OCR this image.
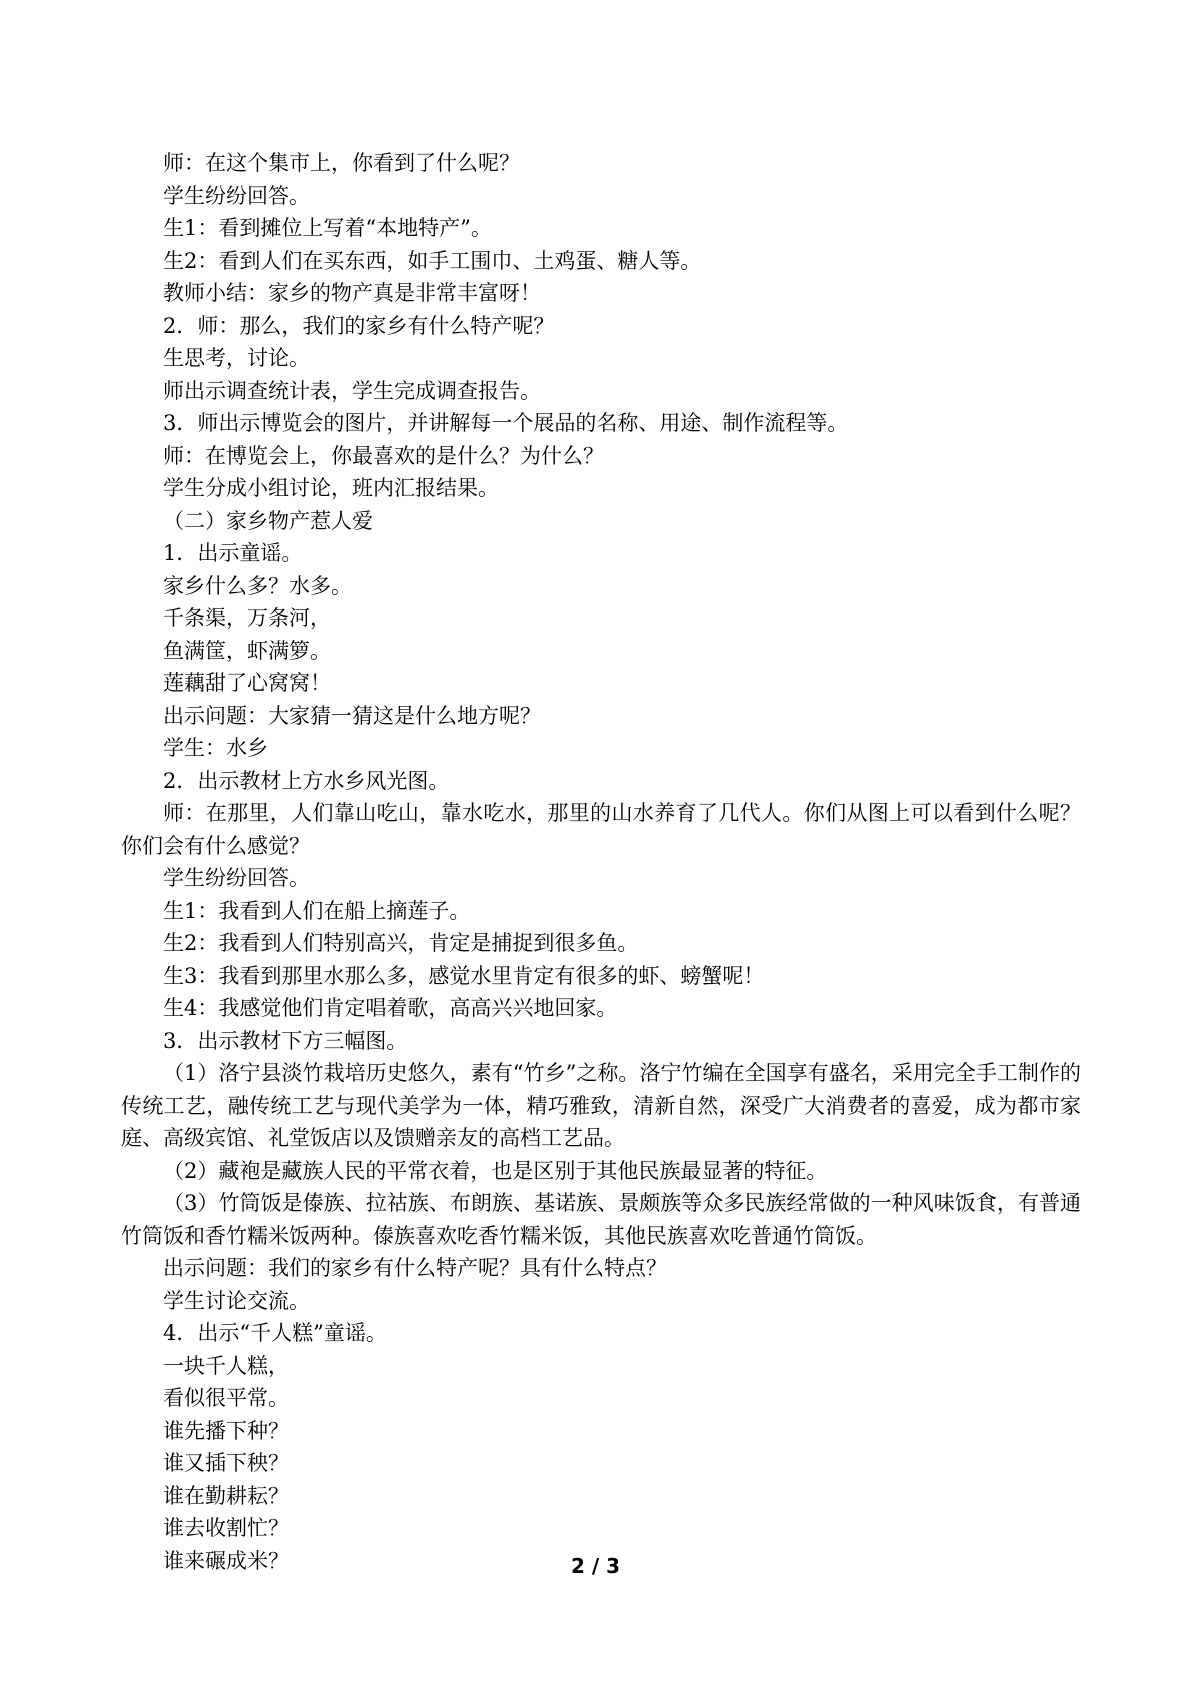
师：在这个集市上，你看到了什么呢？

学生纷纷回答。

生1：看到摊位上写着“本地特产”。

生2：看到人们在买东西，如手工围巾、土鸡蛋、糖人等。

教师小结：家乡的物产真是非常丰富呀！

2．师：那么，我们的家乡有什么特产呢？

生思考，讨论。

师出示调查统计表，学生完成调查报告。

3．师出示博览会的图片，并讲解每一个展品的名称、用途、制作流程等。

师：在博览会上，你最喜欢的是什么？为什么？

学生分成小组讨论，班内汇报结果。

（二）家乡物产惹人爱

1．出示童谣。

家乡什么多？水多。

千条渠，万条河，

鱼满筐，虾满箩。

莲藕甜了心窝窝！

出示问题：大家猜一猜这是什么地方呢？

学生：水乡

2．出示教材上方水乡风光图。

师：在那里，人们靠山吃山，靠水吃水，那里的山水养育了几代人。你们从图上可以看到什么呢？你们会有什么感觉？

学生纷纷回答。

生1：我看到人们在船上摘莲子。

生2：我看到人们特别高兴，肯定是捕捉到很多鱼。

生3：我看到那里水那么多，感觉水里肯定有很多的虾、螃蟹呢！

生4：我感觉他们肯定唱着歌，高高兴兴地回家。

3．出示教材下方三幅图。

（1）洛宁县淡竹栽培历史悠久，素有“竹乡”之称。洛宁竹编在全国享有盛名，采用完全手工制作的传统工艺，融传统工艺与现代美学为一体，精巧雅致，清新自然，深受广大消费者的喜爱，成为都市家庭、高级宾馆、礼堂饭店以及馈赠亲友的高档工艺品。

（2）藏袍是藏族人民的平常衣着，也是区别于其他民族最显著的特征。

（3）竹筒饭是傣族、拉祜族、布朗族、基诺族、景颇族等众多民族经常做的一种风味饭食，有普通竹筒饭和香竹糯米饭两种。傣族喜欢吃香竹糯米饭，其他民族喜欢吃普通竹筒饭。

出示问题：我们的家乡有什么特产呢？具有什么特点？

学生讨论交流。

4．出示“千人糕”童谣。

一块千人糕，

看似很平常。

谁先播下种？

谁又插下秧？

谁在勤耕耘？

谁去收割忙？

谁来碾成米？	2 / 3
